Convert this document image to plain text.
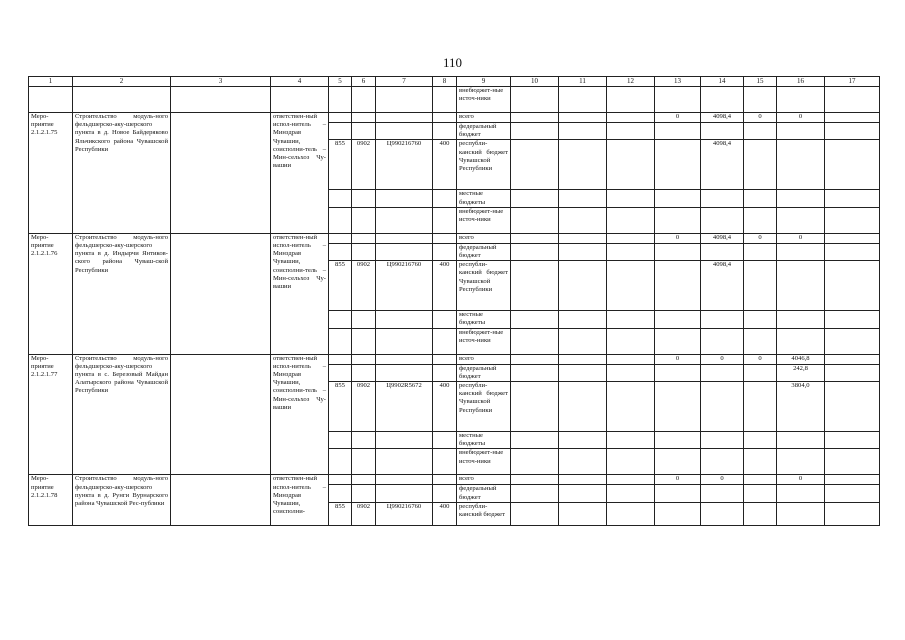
110
1	2	3	4	5	6	7	8	9	10	11	12	13	14	15	16	17
								внебюджет-ные источ-ники								
Меро-приятие 2.1.2.1.75	Строительство модуль-ного фельдшерско-аку-шерского пункта в д. Новое Байдеряково Яльчикского района Чувашской Республики		ответствен-ный испол-нитель – Минздрав Чувашии, соисполни-тель – Мин-сельхоз Чу-вашии					всего				0	4098,4	0	0	
								федеральный бюджет								
				855	0902	Ц990216760	400	республи-канский бюджет Чувашской Республики					4098,4			
								местные бюджеты								
								внебюджет-ные источ-ники								
Меро-приятие 2.1.2.1.76	Строительство модуль-ного фельдшерско-аку-шерского пункта в д. Индырчи Янтиков-ского района Чуваш-ской Республики		ответствен-ный испол-нитель – Минздрав Чувашии, соисполни-тель – Мин-сельхоз Чу-вашии					всего				0	4098,4	0	0	
								федеральный бюджет								
				855	0902	Ц990216760	400	республи-канский бюджет Чувашской Республики					4098,4			
								местные бюджеты								
								внебюджет-ные источ-ники								
Меро-приятие 2.1.2.1.77	Строительство модуль-ного фельдшерско-аку-шерского пункта в с. Березовый Майдан Алатырского района Чувашской Республики		ответствен-ный испол-нитель – Минздрав Чувашии, соисполни-тель – Мин-сельхоз Чу-вашии					всего				0	0	0	4046,8	
								федеральный бюджет							242,8	
				855	0902	Ц9902R5672	400	республи-канский бюджет Чувашской Республики							3804,0	
								местные бюджеты								
								внебюджет-ные источ-ники								
Меро-приятие 2.1.2.1.78	Строительство модуль-ного фельдшерско-аку-шерского пункта в д. Рунги Вурнарского района Чувашской Рес-публики		ответствен-ный испол-нитель – Минздрав Чувашии, соисполни-					всего				0	0		0	
								федеральный бюджет								
				855	0902	Ц990216760	400	республи-канский бюджет								
